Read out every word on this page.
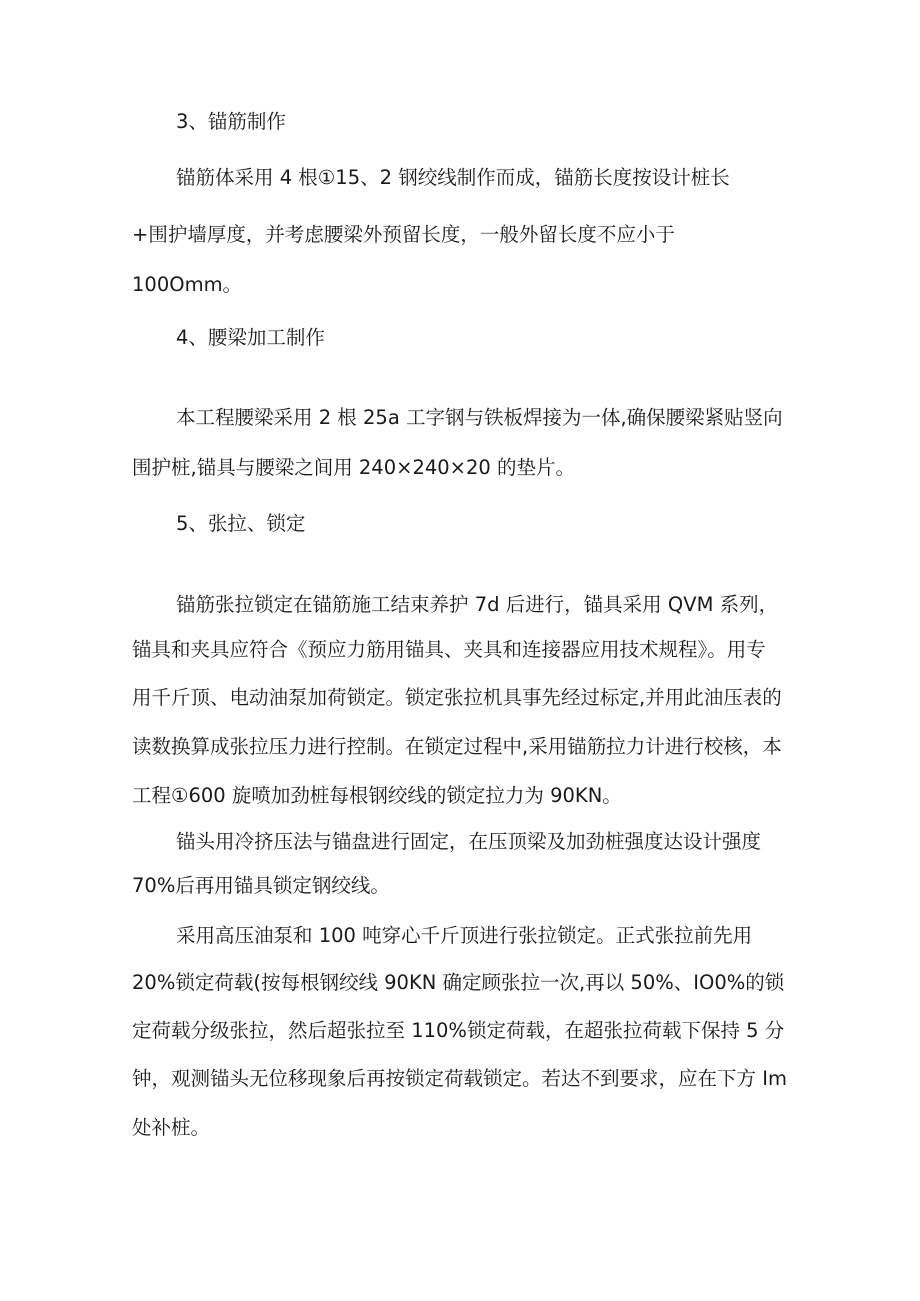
3、锚筋制作
锚筋体采用 4 根①15、2 钢绞线制作而成，锚筋长度按设计桩长
+围护墙厚度，并考虑腰梁外预留长度，一般外留长度不应小于
100Omm。
4、腰梁加工制作
本工程腰梁采用 2 根 25a 工字钢与铁板焊接为一体,确保腰梁紧贴竖向
围护桩,锚具与腰梁之间用 240×240×20 的垫片。
5、张拉、锁定
锚筋张拉锁定在锚筋施工结束养护 7d 后进行，锚具采用 QVM 系列，
锚具和夹具应符合《预应力筋用锚具、夹具和连接器应用技术规程》。用专
用千斤顶、电动油泵加荷锁定。锁定张拉机具事先经过标定,并用此油压表的
读数换算成张拉压力进行控制。在锁定过程中,采用锚筋拉力计进行校核，本
工程①600 旋喷加劲桩每根钢绞线的锁定拉力为 90KN。
锚头用冷挤压法与锚盘进行固定，在压顶梁及加劲桩强度达设计强度
70%后再用锚具锁定钢绞线。
采用高压油泵和 100 吨穿心千斤顶进行张拉锁定。正式张拉前先用
20%锁定荷载(按每根钢绞线 90KN 确定顾张拉一次,再以 50%、IO0%的锁
定荷载分级张拉，然后超张拉至 110%锁定荷载，在超张拉荷载下保持 5 分
钟，观测锚头无位移现象后再按锁定荷载锁定。若达不到要求，应在下方 Im
处补桩。
